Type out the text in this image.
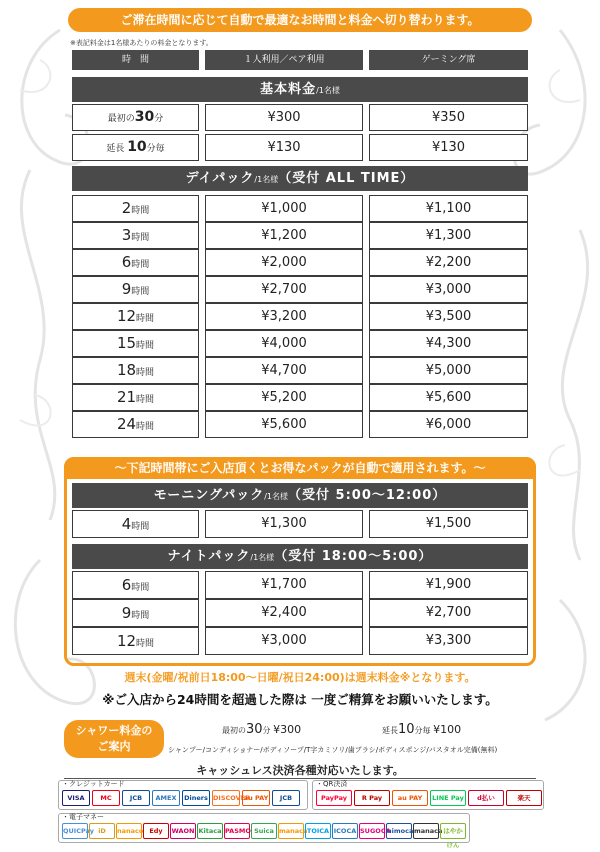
ご滞在時間に応じて自動で最適なお時間と料金へ切り替わります。
※表記料金は1名様あたりの料金となります。
時　間	１人利用／ペア利用	ゲーミング席
基本料金/1名様
最初の30分	¥300	¥350
延長 10分毎	¥130	¥130
デイパック/1名様（受付 ALL TIME）
2時間	¥1,000	¥1,100
3時間	¥1,200	¥1,300
6時間	¥2,000	¥2,200
9時間	¥2,700	¥3,000
12時間	¥3,200	¥3,500
15時間	¥4,000	¥4,300
18時間	¥4,700	¥5,000
21時間	¥5,200	¥5,600
24時間	¥5,600	¥6,000
〜下記時間帯にご入店頂くとお得なパックが自動で適用されます。〜
モーニングパック/1名様（受付 5:00〜12:00）
4時間	¥1,300	¥1,500
ナイトパック/1名様（受付 18:00〜5:00）
6時間	¥1,700	¥1,900
9時間	¥2,400	¥2,700
12時間	¥3,000	¥3,300
週末(金曜/祝前日18:00〜日曜/祝日24:00)は週末料金※となります。
※ご入店から24時間を超過した際は 一度ご精算をお願いいたします。
シャワー料金の
ご案内
最初の30分 ¥300	延長10分毎 ¥100
シャンプー/コンディショナー/ボディソープ/T字カミソリ/歯ブラシ/ボディスポンジ/バスタオル完備(無料)
キャッシュレス決済各種対応いたします。
・クレジットカード
VISA	MC	JCB	AMEX	Diners DISCOVER
au PAY	JCB
・QR決済
PayPay	R Pay	au PAY	LINE Pay	d払い	楽天
・電子マネー
QUICPay iD	nanaco Edy	WAON Kitaca PASMO Suica manaca TOICA ICOCA SUGOCA
nimoca manaca はやかけん
